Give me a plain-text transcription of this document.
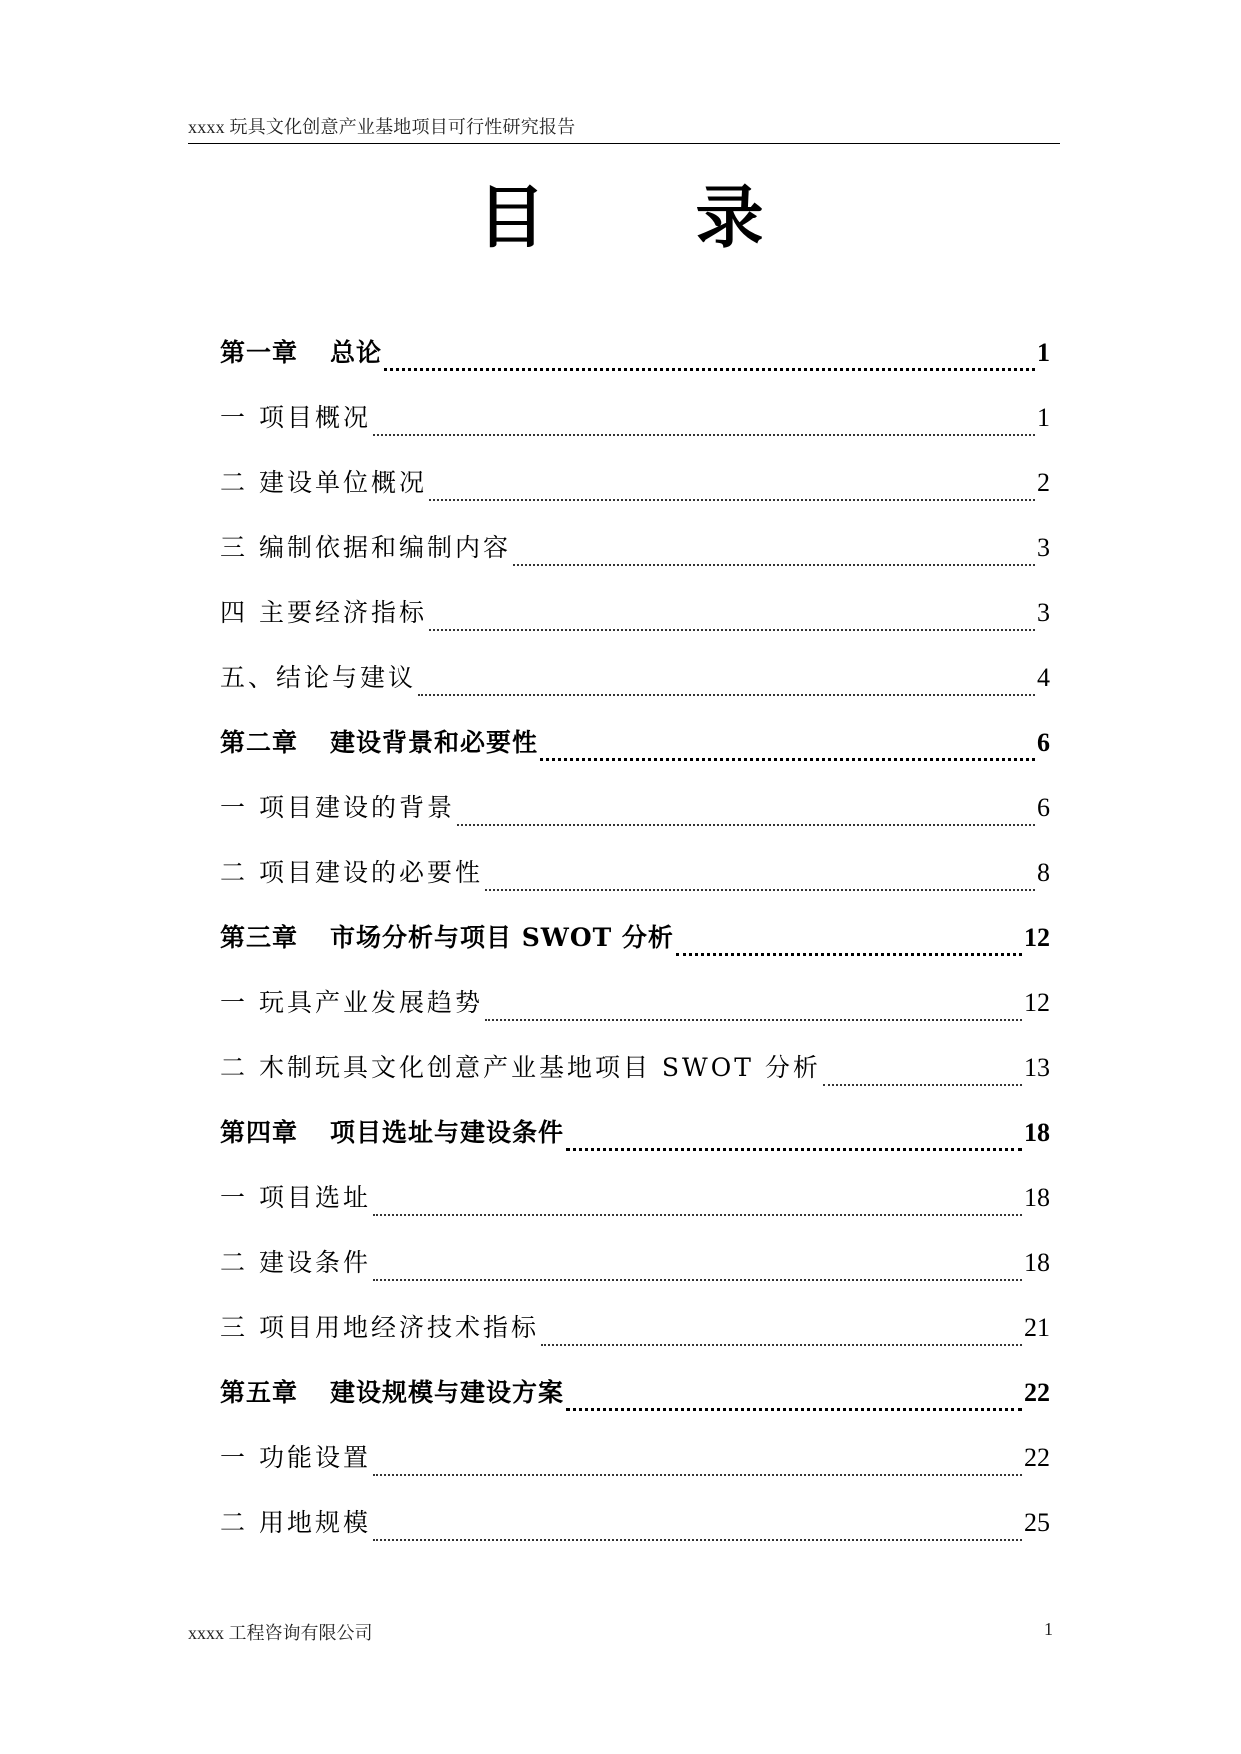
xxxx 玩具文化创意产业基地项目可行性研究报告
目录
第一章 总论	1
一 项目概况	1
二 建设单位概况	2
三 编制依据和编制内容	3
四 主要经济指标	3
五、结论与建议	4
第二章 建设背景和必要性	6
一 项目建设的背景	6
二 项目建设的必要性	8
第三章 市场分析与项目 SWOT 分析	12
一 玩具产业发展趋势	12
二 木制玩具文化创意产业基地项目 SWOT 分析	13
第四章 项目选址与建设条件	18
一 项目选址	18
二 建设条件	18
三 项目用地经济技术指标	21
第五章 建设规模与建设方案	22
一 功能设置	22
二 用地规模	25
xxxx 工程咨询有限公司	1
